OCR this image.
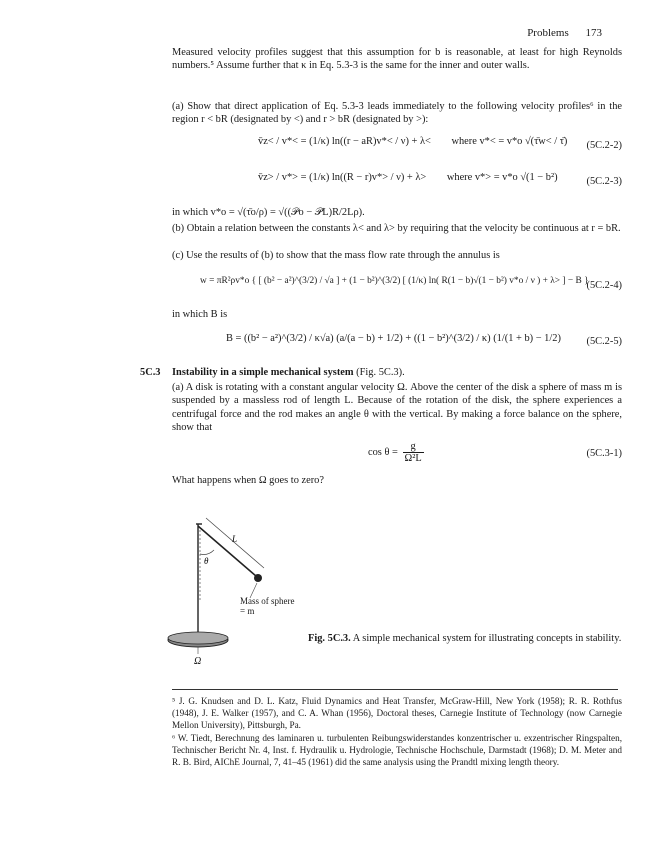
Problems 173
Measured velocity profiles suggest that this assumption for b is reasonable, at least for high Reynolds numbers.⁵ Assume further that κ in Eq. 5.3-3 is the same for the inner and outer walls.
(a) Show that direct application of Eq. 5.3-3 leads immediately to the following velocity profiles⁶ in the region r < bR (designated by <) and r > bR (designated by >):
v̄z< / v*< = (1/κ) ln((r − aR)v*< / ν) + λ< where v*< = v*o √(τ̄w< / τ̄) (5C.2-2)
v̄z> / v*> = (1/κ) ln((R − r)v*> / ν) + λ> where v*> = v*o √(1 − b²)	(5C.2-3)
in which v*o = √(τ̄o/ρ) = √((𝒫o − 𝒫L)R/2Lρ).
(b) Obtain a relation between the constants λ< and λ> by requiring that the velocity be continuous at r = bR.
(c) Use the results of (b) to show that the mass flow rate through the annulus is
w = πR²ρv*o { [ (b² − a²)^(3/2) / √a ] + (1 − b²)^(3/2) [ (1/κ) ln( R(1 − b)√(1 − b²) v*o / ν ) + λ> ] − B }
(5C.2-4)
in which B is
B = ((b² − a²)^(3/2) / κ√a) (a/(a − b) + 1/2) + ((1 − b²)^(3/2) / κ) (1/(1 + b) − 1/2) (5C.2-5)
5C.3 Instability in a simple mechanical system (Fig. 5C.3).
(a) A disk is rotating with a constant angular velocity Ω. Above the center of the disk a sphere of mass m is suspended by a massless rod of length L. Because of the rotation of the disk, the sphere experiences a centrifugal force and the rod makes an angle θ with the vertical. By making a force balance on the sphere, show that
$\cos \theta = \frac{g}{\text{Ω²L}}$	(5C.3-1)
What happens when Ω goes to zero?
L
θ
Mass of sphere = m
Ω
Fig. 5C.3. A simple mechanical system for illustrating concepts in stability.
⁵ J. G. Knudsen and D. L. Katz, Fluid Dynamics and Heat Transfer, McGraw-Hill, New York (1958); R. R. Rothfus (1948), J. E. Walker (1957), and C. A. Whan (1956), Doctoral theses, Carnegie Institute of Technology (now Carnegie Mellon University), Pittsburgh, Pa.
⁶ W. Tiedt, Berechnung des laminaren u. turbulenten Reibungswiderstandes konzentrischer u. exzentrischer Ringspalten, Technischer Bericht Nr. 4, Inst. f. Hydraulik u. Hydrologie, Technische Hochschule, Darmstadt (1968); D. M. Meter and R. B. Bird, AIChE Journal, 7, 41–45 (1961) did the same analysis using the Prandtl mixing length theory.
